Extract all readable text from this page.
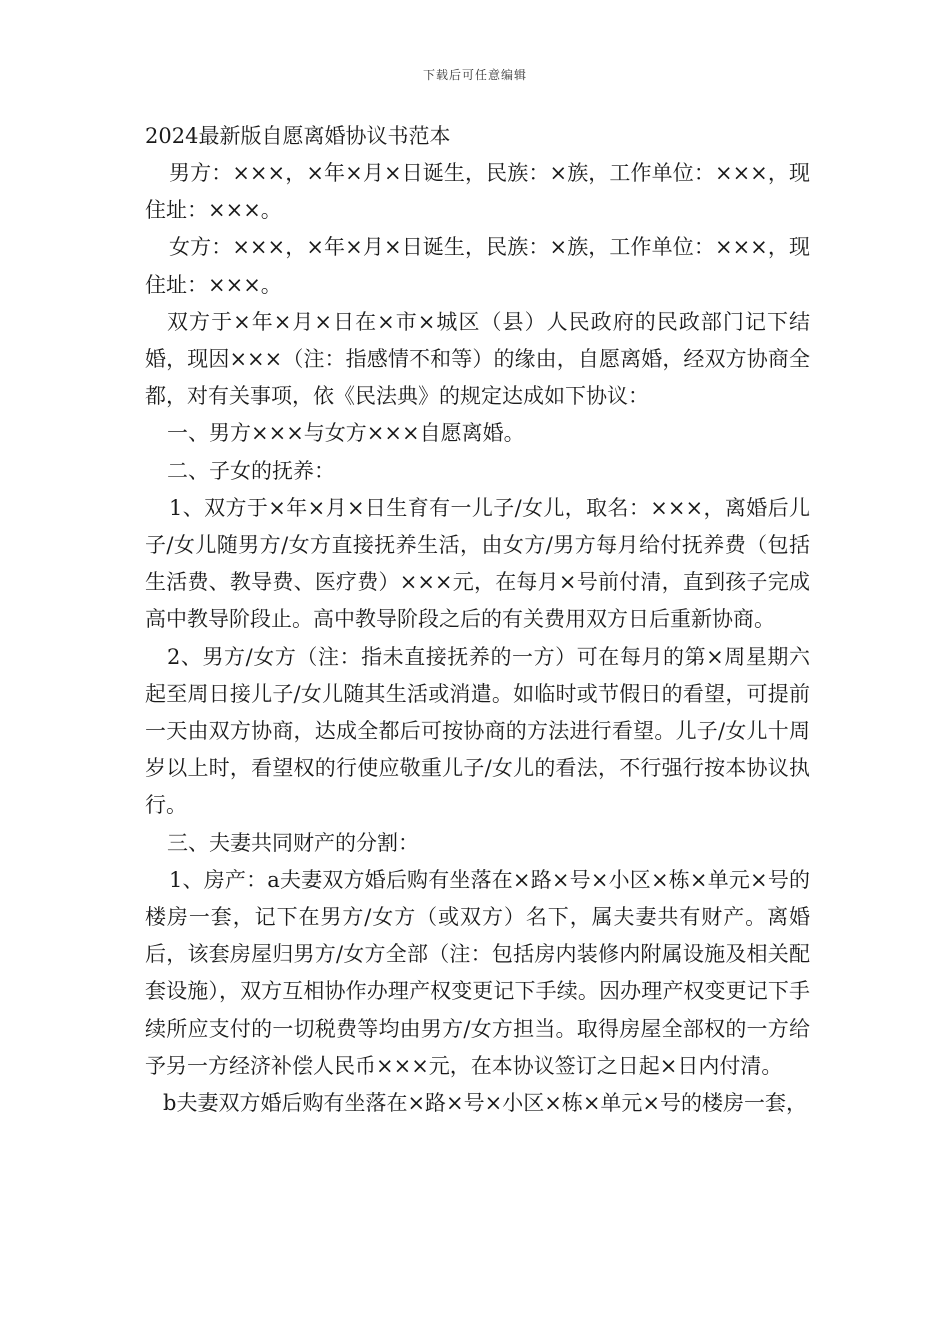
下载后可任意编辑

2024最新版自愿离婚协议书范本

男方：×××，×年×月×日诞生，民族：×族，工作单位：×××，现住址：×××。

女方：×××，×年×月×日诞生，民族：×族，工作单位：×××，现住址：×××。

双方于×年×月×日在×市×城区（县）人民政府的民政部门记下结婚，现因×××（注：指感情不和等）的缘由，自愿离婚，经双方协商全都，对有关事项，依《民法典》的规定达成如下协议：

一、男方×××与女方×××自愿离婚。

二、子女的抚养：

1、双方于×年×月×日生育有一儿子/女儿，取名：×××，离婚后儿子/女儿随男方/女方直接抚养生活，由女方/男方每月给付抚养费（包括生活费、教导费、医疗费）×××元，在每月×号前付清，直到孩子完成高中教导阶段止。高中教导阶段之后的有关费用双方日后重新协商。

2、男方/女方（注：指未直接抚养的一方）可在每月的第×周星期六起至周日接儿子/女儿随其生活或消遣。如临时或节假日的看望，可提前一天由双方协商，达成全都后可按协商的方法进行看望。儿子/女儿十周岁以上时，看望权的行使应敬重儿子/女儿的看法，不行强行按本协议执行。

三、夫妻共同财产的分割：

1、房产：a夫妻双方婚后购有坐落在×路×号×小区×栋×单元×号的楼房一套，记下在男方/女方（或双方）名下，属夫妻共有财产。离婚后，该套房屋归男方/女方全部（注：包括房内装修内附属设施及相关配套设施），双方互相协作办理产权变更记下手续。因办理产权变更记下手续所应支付的一切税费等均由男方/女方担当。取得房屋全部权的一方给予另一方经济补偿人民币×××元，在本协议签订之日起×日内付清。

b夫妻双方婚后购有坐落在×路×号×小区×栋×单元×号的楼房一套，
